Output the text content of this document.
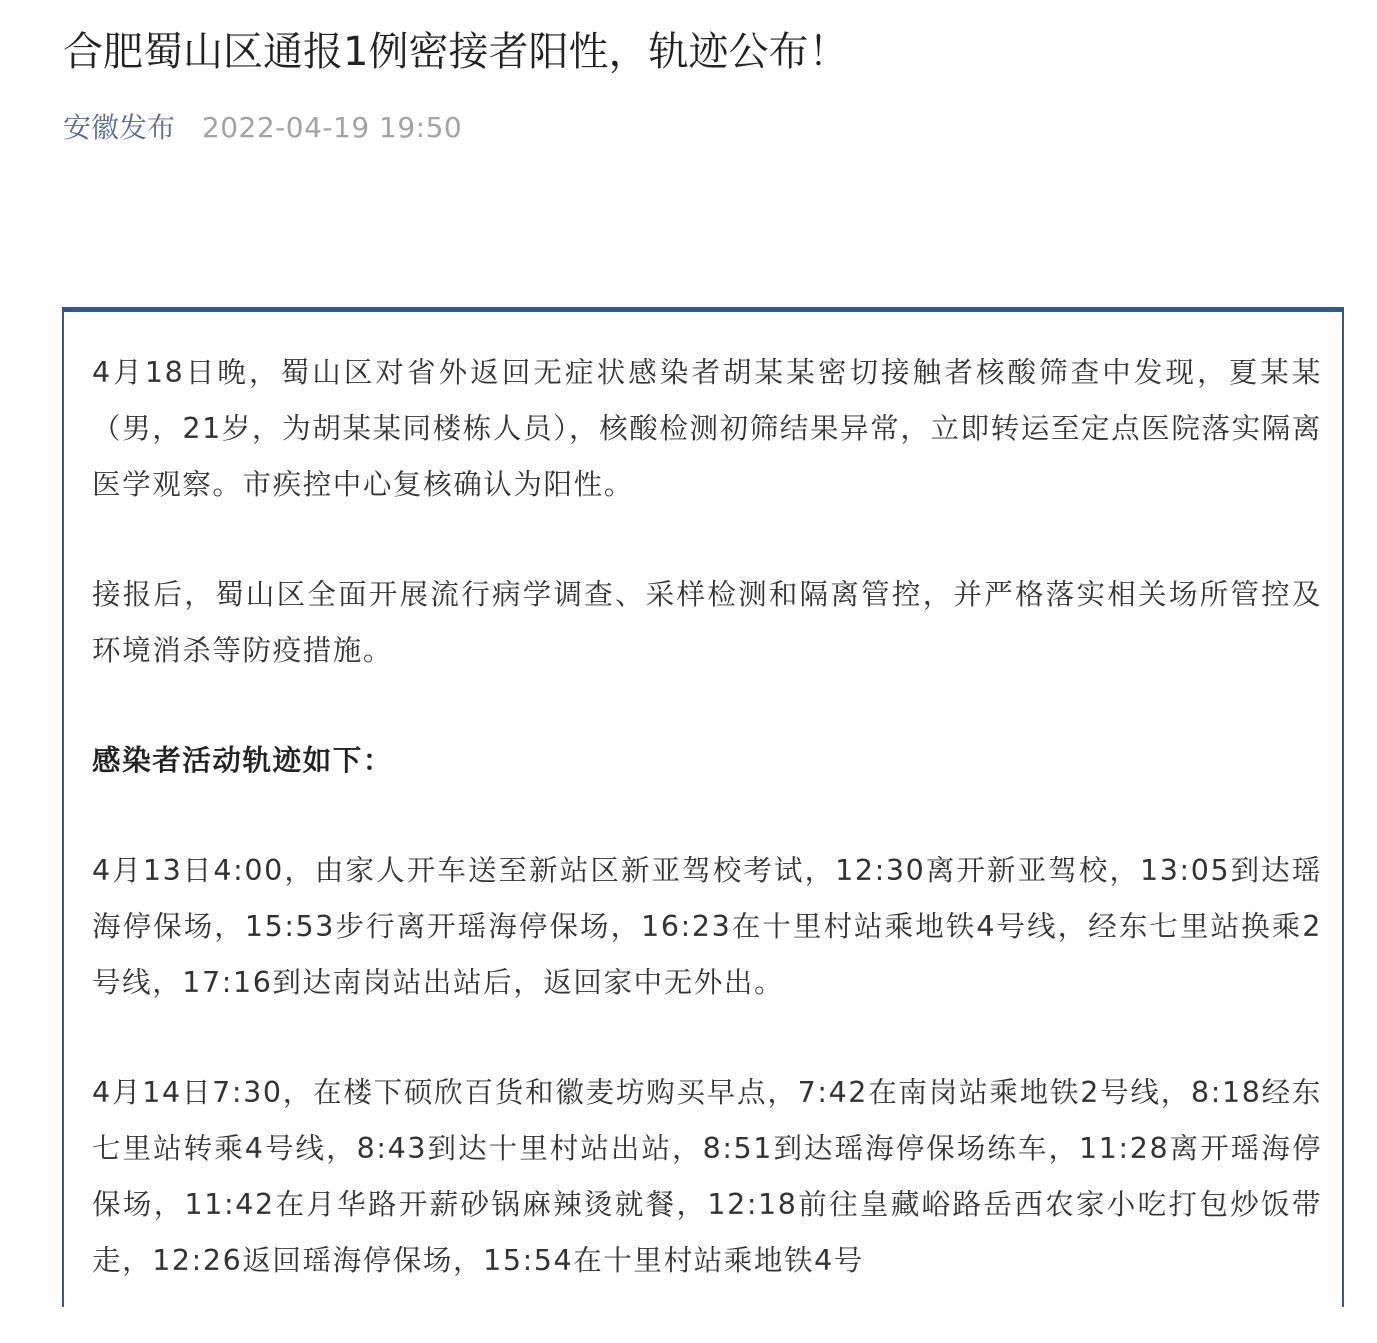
合肥蜀山区通报1例密接者阳性，轨迹公布！
安徽发布 2022-04-19 19:50

4月18日晚，蜀山区对省外返回无症状感染者胡某某密切接触者核酸筛查中发现，夏某某（男，21岁，为胡某某同楼栋人员），核酸检测初筛结果异常，立即转运至定点医院落实隔离医学观察。市疾控中心复核确认为阳性。

接报后，蜀山区全面开展流行病学调查、采样检测和隔离管控，并严格落实相关场所管控及环境消杀等防疫措施。

感染者活动轨迹如下：

4月13日4:00，由家人开车送至新站区新亚驾校考试，12:30离开新亚驾校，13:05到达瑶海停保场，15:53步行离开瑶海停保场，16:23在十里村站乘地铁4号线，经东七里站换乘2号线，17:16到达南岗站出站后，返回家中无外出。

4月14日7:30，在楼下硕欣百货和徽麦坊购买早点，7:42在南岗站乘地铁2号线，8:18经东七里站转乘4号线，8:43到达十里村站出站，8:51到达瑶海停保场练车，11:28离开瑶海停保场，11:42在月华路开薪砂锅麻辣烫就餐，12:18前往皇藏峪路岳西农家小吃打包炒饭带走，12:26返回瑶海停保场，15:54在十里村站乘地铁4号
